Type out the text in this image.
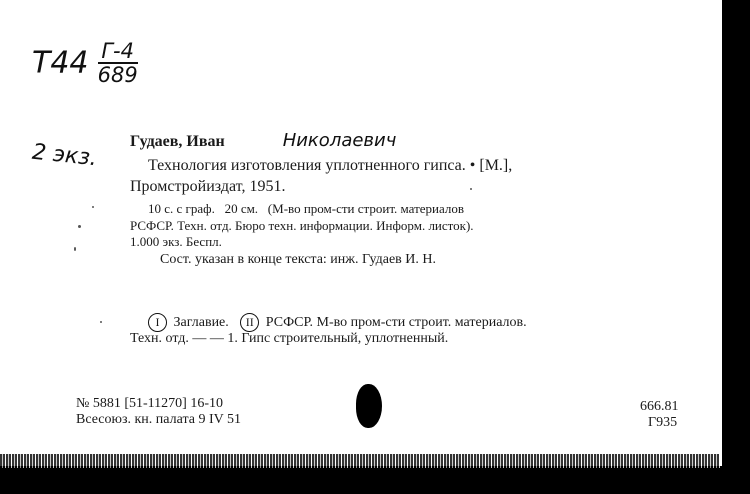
$Т44 \frac{Г-4}{689}$
2 экз. Гудаев, Иван	Николаевич
Технология изготовления уплотненного гипса. • [М.],
Промстройиздат, 1951.
10 с. с граф.   20 см.   (М-во пром-сти строит. материалов
РСФСР. Техн. отд. Бюро техн. информации. Информ. листок).
1.000 экз. Беспл.
Сост. указан в конце текста: инж. Гудаев И. Н.
I Заглавие. II РСФСР. М-во пром-сти строит. материалов.
Техн. отд. — — 1. Гипс строительный, уплотненный.
№ 5881 [51-11270] 16-10
Всесоюз. кн. палата 9 IV 51
666.81
Г935
